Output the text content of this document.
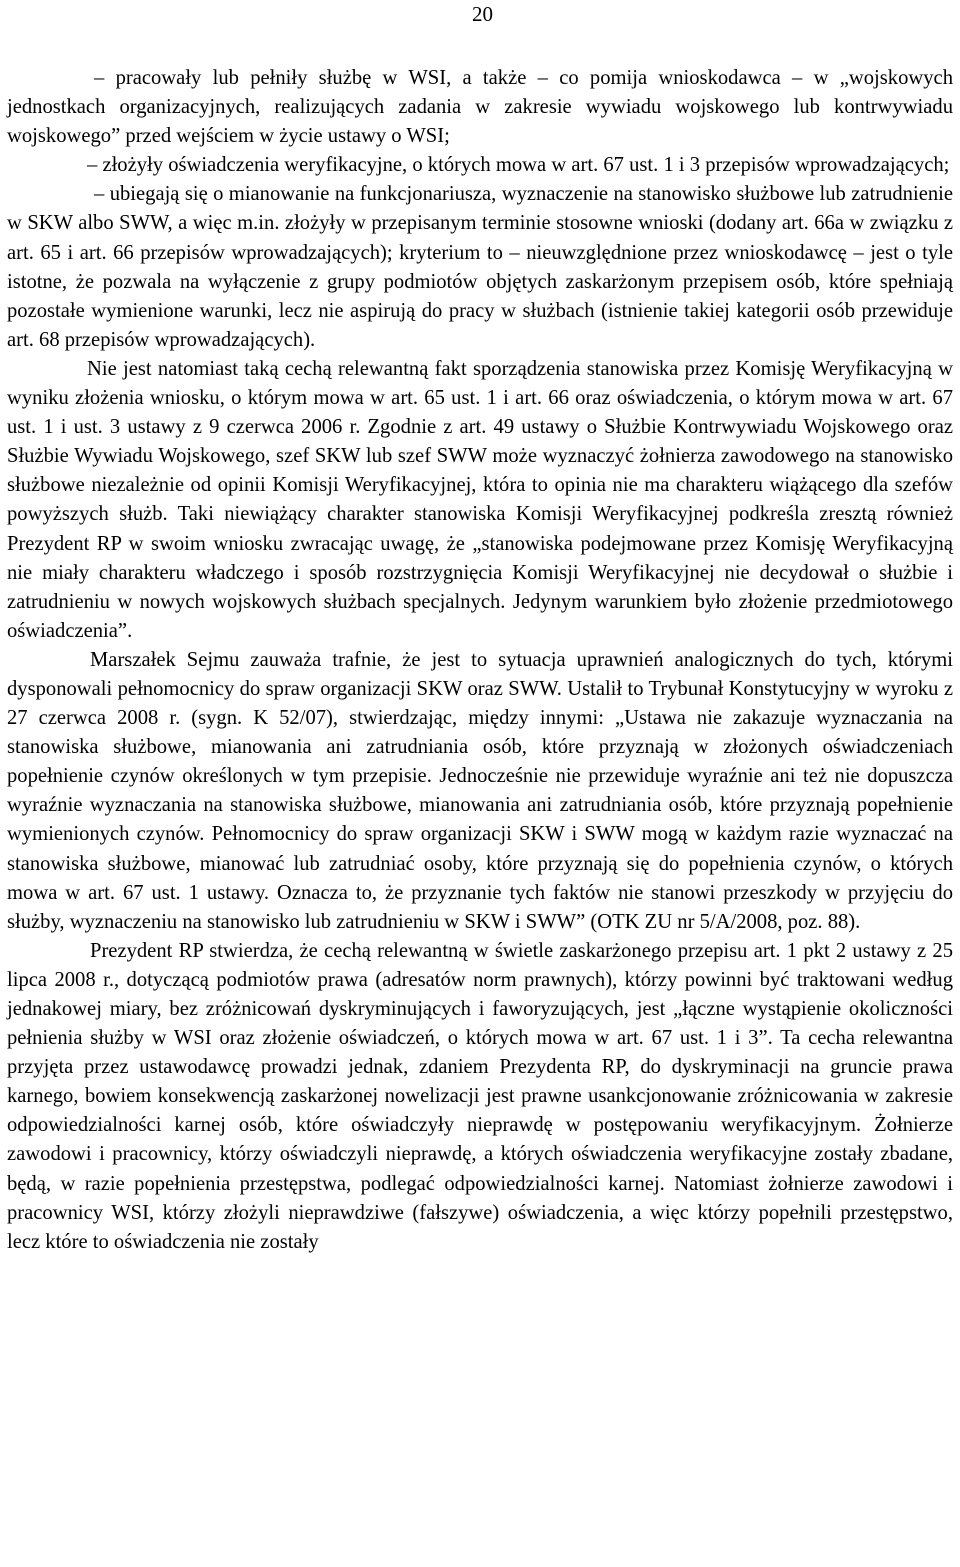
20

– pracowały lub pełniły służbę w WSI, a także – co pomija wnioskodawca – w „wojskowych jednostkach organizacyjnych, realizujących zadania w zakresie wywiadu wojskowego lub kontrwywiadu wojskowego” przed wejściem w życie ustawy o WSI;

– złożyły oświadczenia weryfikacyjne, o których mowa w art. 67 ust. 1 i 3 przepisów wprowadzających;

– ubiegają się o mianowanie na funkcjonariusza, wyznaczenie na stanowisko służbowe lub zatrudnienie w SKW albo SWW, a więc m.in. złożyły w przepisanym terminie stosowne wnioski (dodany art. 66a w związku z art. 65 i art. 66 przepisów wprowadzających); kryterium to – nieuwzględnione przez wnioskodawcę – jest o tyle istotne, że pozwala na wyłączenie z grupy podmiotów objętych zaskarżonym przepisem osób, które spełniają pozostałe wymienione warunki, lecz nie aspirują do pracy w służbach (istnienie takiej kategorii osób przewiduje art. 68 przepisów wprowadzających).

Nie jest natomiast taką cechą relewantną fakt sporządzenia stanowiska przez Komisję Weryfikacyjną w wyniku złożenia wniosku, o którym mowa w art. 65 ust. 1 i art. 66 oraz oświadczenia, o którym mowa w art. 67 ust. 1 i ust. 3 ustawy z 9 czerwca 2006 r. Zgodnie z art. 49 ustawy o Służbie Kontrwywiadu Wojskowego oraz Służbie Wywiadu Wojskowego, szef SKW lub szef SWW może wyznaczyć żołnierza zawodowego na stanowisko służbowe niezależnie od opinii Komisji Weryfikacyjnej, która to opinia nie ma charakteru wiążącego dla szefów powyższych służb. Taki niewiążący charakter stanowiska Komisji Weryfikacyjnej podkreśla zresztą również Prezydent RP w swoim wniosku zwracając uwagę, że „stanowiska podejmowane przez Komisję Weryfikacyjną nie miały charakteru władczego i sposób rozstrzygnięcia Komisji Weryfikacyjnej nie decydował o służbie i zatrudnieniu w nowych wojskowych służbach specjalnych. Jedynym warunkiem było złożenie przedmiotowego oświadczenia”.

Marszałek Sejmu zauważa trafnie, że jest to sytuacja uprawnień analogicznych do tych, którymi dysponowali pełnomocnicy do spraw organizacji SKW oraz SWW. Ustalił to Trybunał Konstytucyjny w wyroku z 27 czerwca 2008 r. (sygn. K 52/07), stwierdzając, między innymi: „Ustawa nie zakazuje wyznaczania na stanowiska służbowe, mianowania ani zatrudniania osób, które przyznają w złożonych oświadczeniach popełnienie czynów określonych w tym przepisie. Jednocześnie nie przewiduje wyraźnie ani też nie dopuszcza wyraźnie wyznaczania na stanowiska służbowe, mianowania ani zatrudniania osób, które przyznają popełnienie wymienionych czynów. Pełnomocnicy do spraw organizacji SKW i SWW mogą w każdym razie wyznaczać na stanowiska służbowe, mianować lub zatrudniać osoby, które przyznają się do popełnienia czynów, o których mowa w art. 67 ust. 1 ustawy. Oznacza to, że przyznanie tych faktów nie stanowi przeszkody w przyjęciu do służby, wyznaczeniu na stanowisko lub zatrudnieniu w SKW i SWW” (OTK ZU nr 5/A/2008, poz. 88).

Prezydent RP stwierdza, że cechą relewantną w świetle zaskarżonego przepisu art. 1 pkt 2 ustawy z 25 lipca 2008 r., dotyczącą podmiotów prawa (adresatów norm prawnych), którzy powinni być traktowani według jednakowej miary, bez zróżnicowań dyskryminujących i faworyzujących, jest „łączne wystąpienie okoliczności pełnienia służby w WSI oraz złożenie oświadczeń, o których mowa w art. 67 ust. 1 i 3”. Ta cecha relewantna przyjęta przez ustawodawcę prowadzi jednak, zdaniem Prezydenta RP, do dyskryminacji na gruncie prawa karnego, bowiem konsekwencją zaskarżonej nowelizacji jest prawne usankcjonowanie zróżnicowania w zakresie odpowiedzialności karnej osób, które oświadczyły nieprawdę w postępowaniu weryfikacyjnym. Żołnierze zawodowi i pracownicy, którzy oświadczyli nieprawdę, a których oświadczenia weryfikacyjne zostały zbadane, będą, w razie popełnienia przestępstwa, podlegać odpowiedzialności karnej. Natomiast żołnierze zawodowi i pracownicy WSI, którzy złożyli nieprawdziwe (fałszywe) oświadczenia, a więc którzy popełnili przestępstwo, lecz które to oświadczenia nie zostały
